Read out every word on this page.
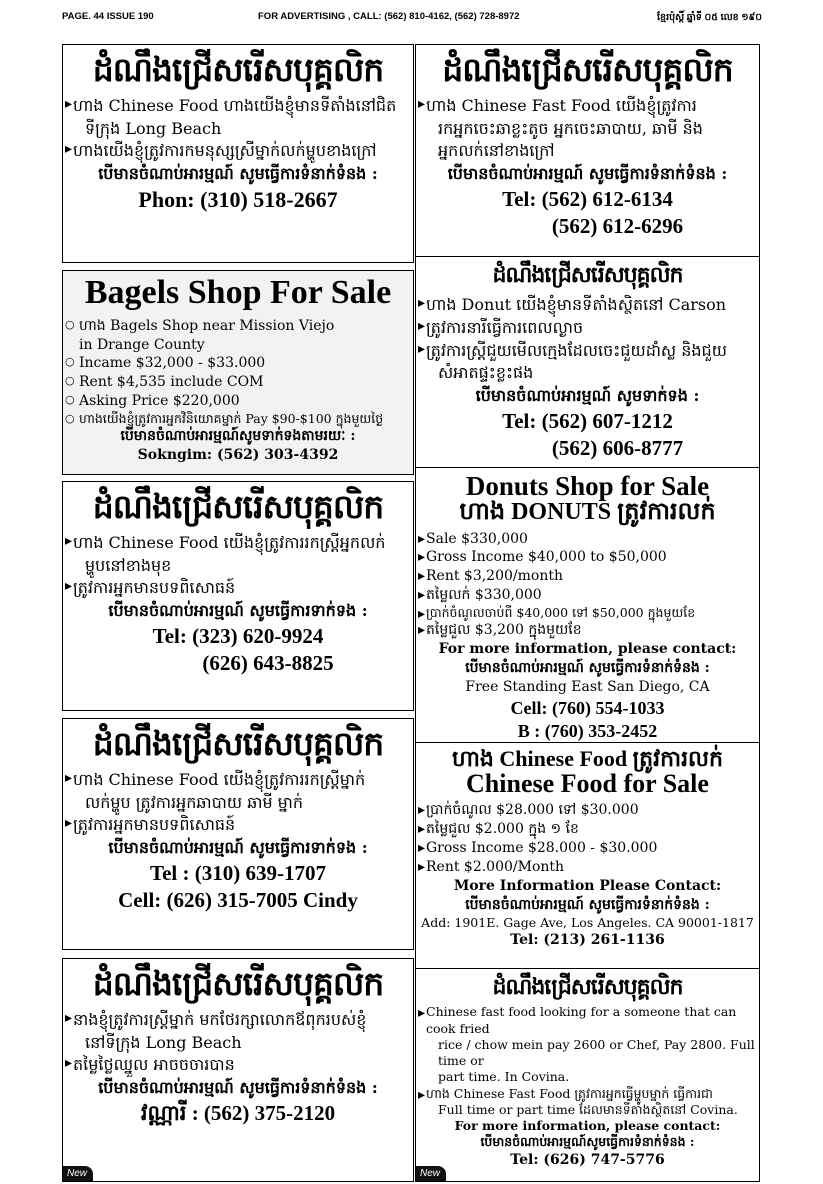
PAGE. 44 ISSUE 190	FOR ADVERTISING , CALL: (562) 810-4162, (562) 728-8972	ខ្មែរប៉ុស្តិ៍ ឆ្នាំទី ០៥ លេខ ១៩០
ដំណឹងជ្រើសរើសបុគ្គលិក
▸ ហាង Chinese Food ហាងយើងខ្ញុំមានទីតាំងនៅជិត
ទីក្រុង Long Beach
▸ ហាងយើងខ្ញុំត្រូវការកមនុស្សស្រីម្នាក់លក់ម្ហូបខាងក្រៅ
បើមានចំណាប់អារម្មណ៍ សូមធ្វើការទំនាក់ទំនង :
Phon: (310) 518-2667
Bagels Shop For Sale
○ ហាង Bagels Shop near Mission Viejo
in Drange County
○ Incame $32,000 - $33.000
○ Rent $4,535 include COM
○ Asking Price $220,000
○ ហាងយើងខ្ញុំត្រូវការអ្នកវិនិយោគម្នាក់ Pay $90-$100 ក្នុងមួយថ្ងៃ
បើមានចំណាប់អារម្មណ៍សូមទាក់ទងតាមរយៈ :
Sokngim: (562) 303-4392
ដំណឹងជ្រើសរើសបុគ្គលិក
▸ ហាង Chinese Food យើងខ្ញុំត្រូវការរកស្ត្រីអ្នកលក់
ម្ហូបនៅខាងមុខ
▸ ត្រូវការអ្នកមានបទពិសោធន៍
បើមានចំណាប់អារម្មណ៍ សូមធ្វើការទាក់ទង :
Tel: (323) 620-9924
(626) 643-8825
ដំណឹងជ្រើសរើសបុគ្គលិក
▸ ហាង Chinese Food យើងខ្ញុំត្រូវការរកស្ត្រីម្នាក់
លក់ម្ហូប ត្រូវការអ្នកឆាបាយ ឆាមី ម្នាក់
▸ ត្រូវការអ្នកមានបទពិសោធន៍
បើមានចំណាប់អារម្មណ៍ សូមធ្វើការទាក់ទង :
Tel : (310) 639-1707
Cell: (626) 315-7005 Cindy
ដំណឹងជ្រើសរើសបុគ្គលិក
▸ នាងខ្ញុំត្រូវការស្ត្រីម្នាក់ មកថែរក្សាលោកឪពុករបស់ខ្ញុំ
នៅទីក្រុង Long Beach
▸ តម្លៃថ្លៃឈ្នួល អាចចចារបាន
បើមានចំណាប់អារម្មណ៍ សូមធ្វើការទំនាក់ទំនង :
វណ្ណារី : (562) 375-2120
New
ដំណឹងជ្រើសរើសបុគ្គលិក
▸ ហាង Chinese Fast Food យើងខ្ញុំត្រូវការ
រកអ្នកចេះឆាខ្លះតូច អ្នកចេះឆាបាយ, ឆាមី និង
អ្នកលក់នៅខាងក្រៅ
បើមានចំណាប់អារម្មណ៍ សូមធ្វើការទំនាក់ទំនង :
Tel: (562) 612-6134
(562) 612-6296
ដំណឹងជ្រើសរើសបុគ្គលិក
▸ ហាង Donut យើងខ្ញុំមានទីតាំងស្ថិតនៅ Carson
▸ ត្រូវការនារីធ្វើការពេលល្ងាច
▸ ត្រូវការស្ត្រីជួយមើលក្មេងដែលចេះជួយដាំស្ល និងជួយ
សំអាតផ្ទះខ្លះផង
បើមានចំណាប់អារម្មណ៍ សូមទាក់ទង :
Tel: (562) 607-1212
(562) 606-8777
Donuts Shop for Sale
ហាង DONUTS ត្រូវការលក់
▸ Sale $330,000
▸ Gross Income $40,000 to $50,000
▸ Rent $3,200/month
▸ តម្លៃលក់ $330,000
▸ ប្រាក់ចំណូលចាប់ពី $40,000 ទៅ $50,000 ក្នុងមួយខែ
▸ តម្លៃជួល $3,200 ក្នុងមួយខែ
For more information, please contact:
បើមានចំណាប់អារម្មណ៍ សូមធ្វើការទំនាក់ទំនង :
Free Standing East San Diego, CA
Cell: (760) 554-1033
B : (760) 353-2452
ហាង Chinese Food ត្រូវការលក់
Chinese Food for Sale
▸ ប្រាក់ចំណូល $28.000 ទៅ $30.000
▸ តម្លៃជួល $2.000 ក្នុង ១ ខែ
▸ Gross Income $28.000 - $30.000
▸ Rent $2.000/Month
More Information Please Contact:
បើមានចំណាប់អារម្មណ៍ សូមធ្វើការទំនាក់ទំនង :
Add: 1901E. Gage Ave, Los Angeles. CA 90001-1817
Tel: (213) 261-1136
ដំណឹងជ្រើសរើសបុគ្គលិក
▸ Chinese fast food looking for a someone that can cook fried
rice / chow mein pay 2600 or Chef, Pay 2800. Full time or
part time. In Covina.
▸ ហាង Chinese Fast Food ត្រូវការអ្នកធ្វើម្ហូបម្នាក់ ធ្វើការជា
Full time or part time ដែលមានទីតាំងស្ថិតនៅ Covina.
For more information, please contact:
បើមានចំណាប់អារម្មណ៍សូមធ្វើការទំនាក់ទំនង :
Tel: (626) 747-5776
New
